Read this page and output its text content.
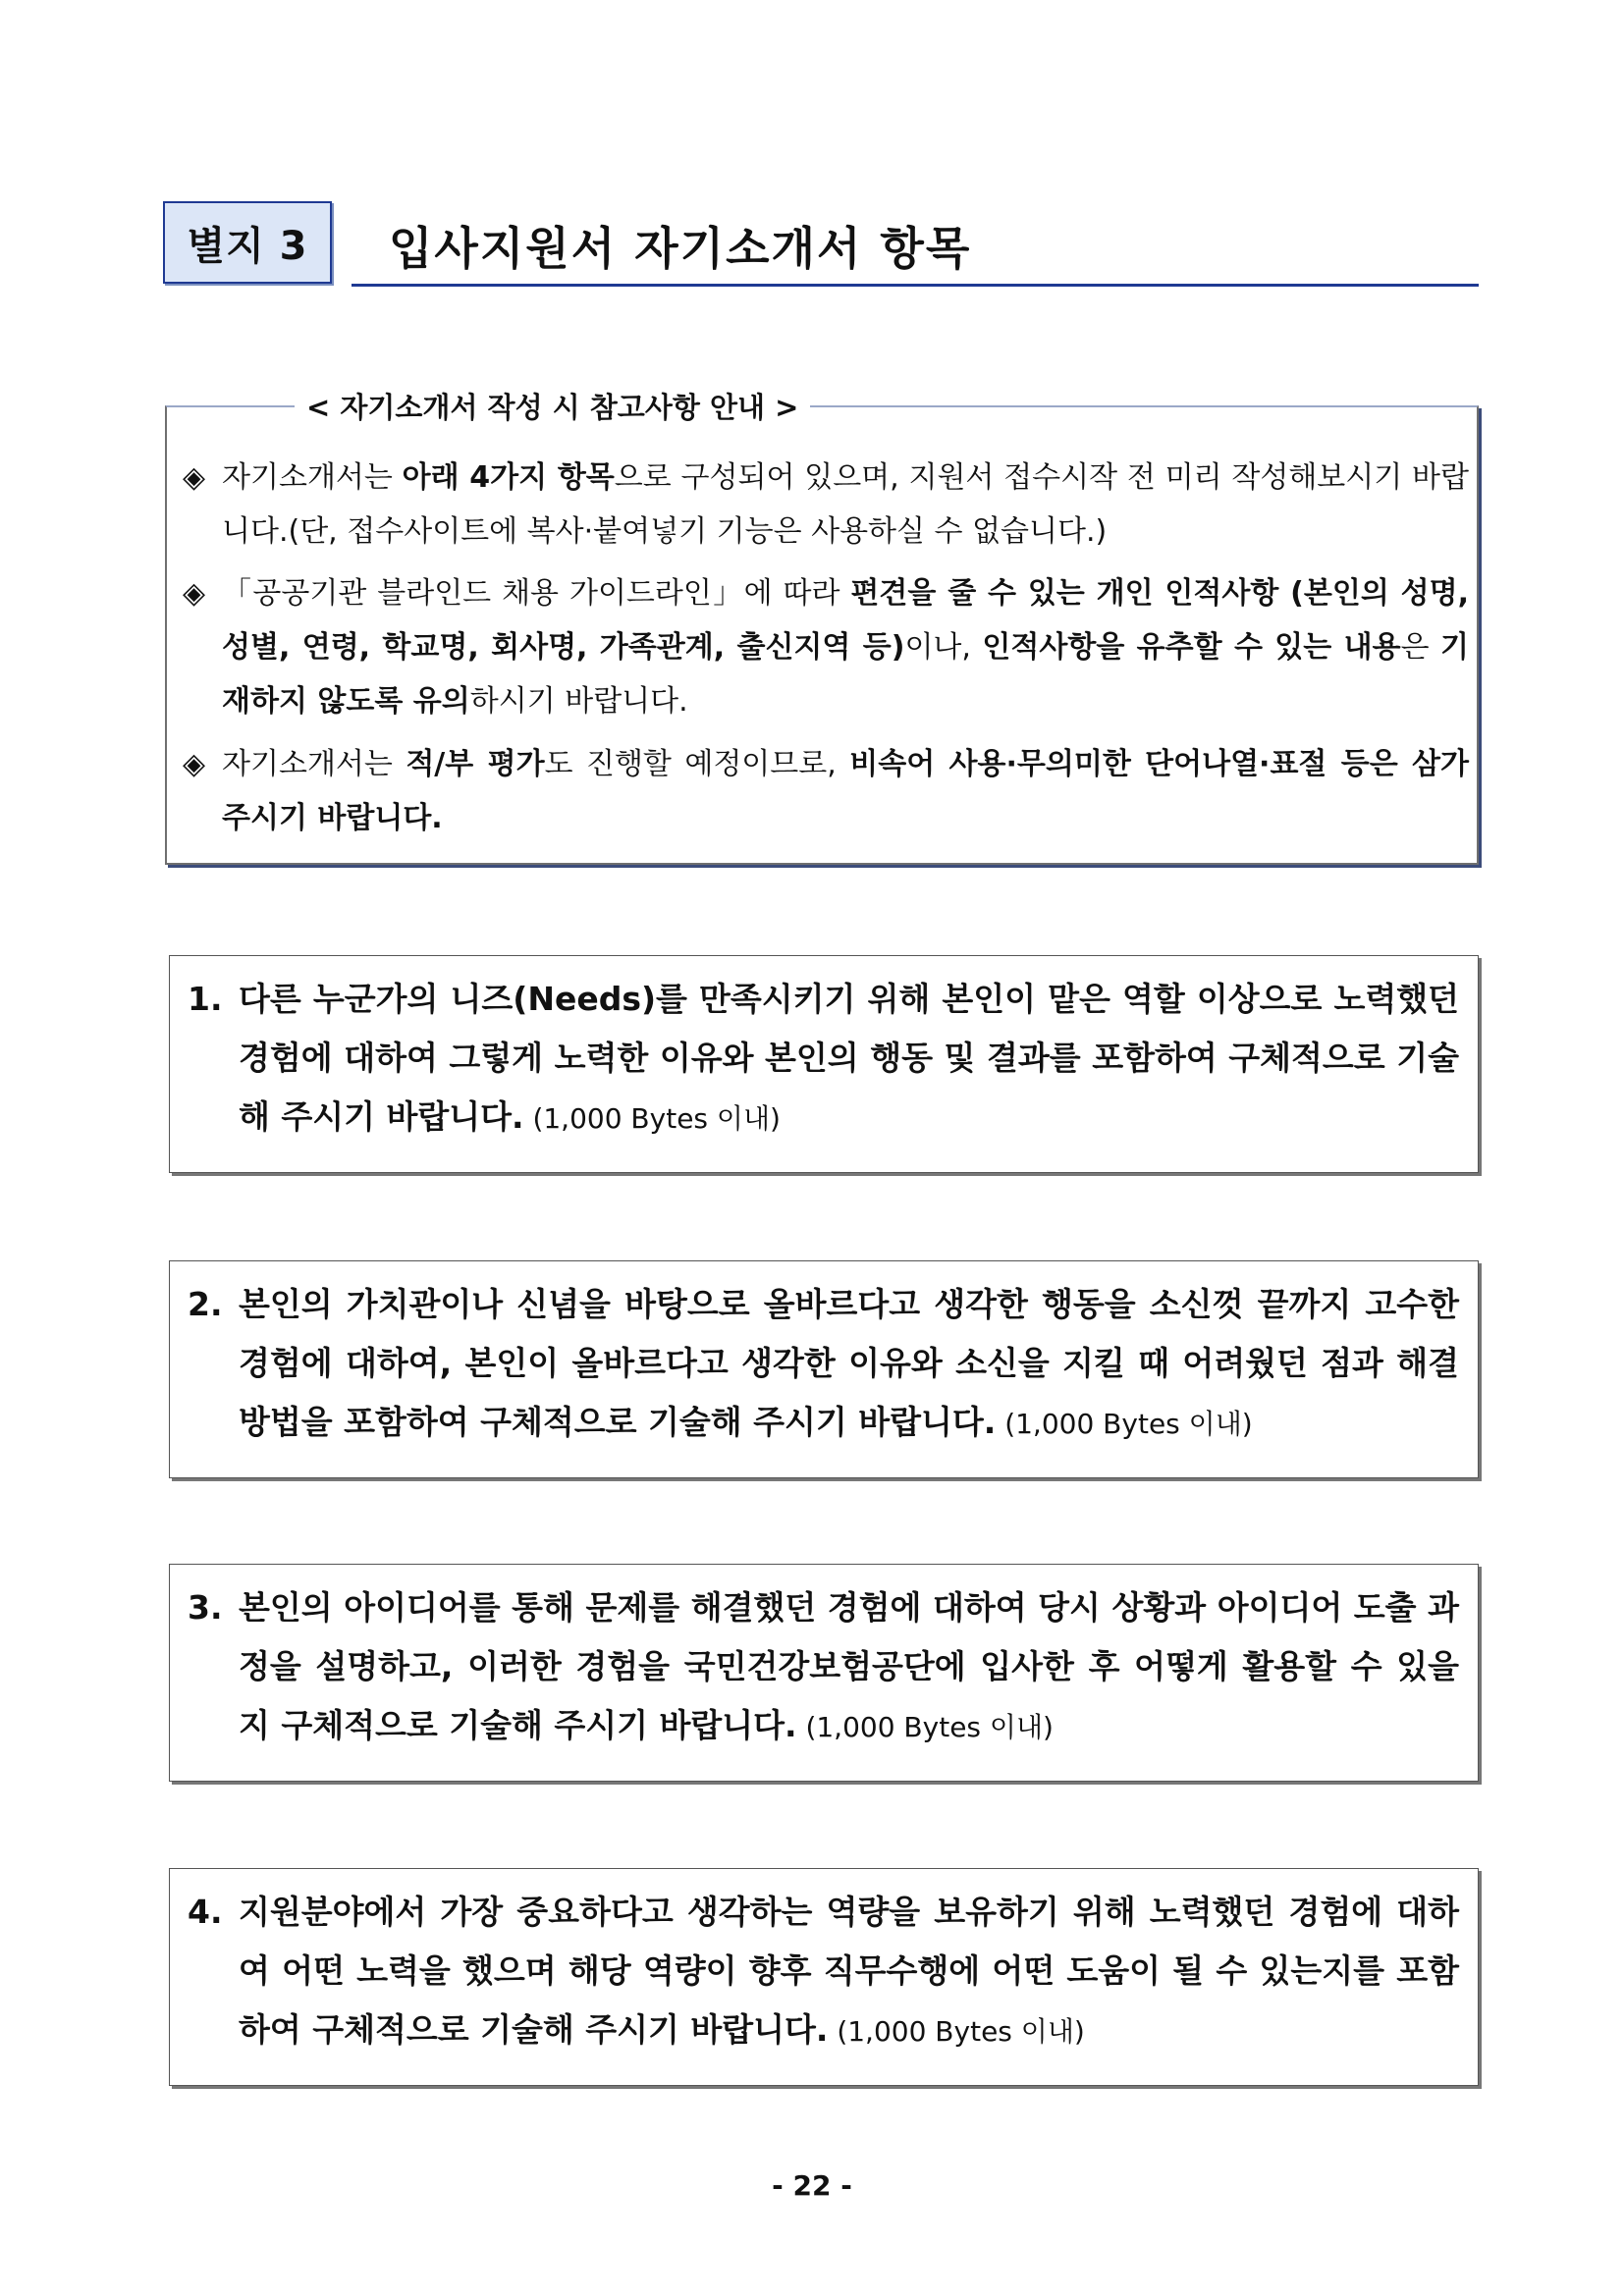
별지 3	입사지원서 자기소개서 항목
< 자기소개서 작성 시 참고사항 안내 >
◈ 자기소개서는 아래 4가지 항목으로 구성되어 있으며, 지원서 접수시작 전 미리 작성해보시기 바랍니다.(단, 접수사이트에 복사·붙여넣기 기능은 사용하실 수 없습니다.)
◈ 「공공기관 블라인드 채용 가이드라인」에 따라 편견을 줄 수 있는 개인 인적사항 (본인의 성명, 성별, 연령, 학교명, 회사명, 가족관계, 출신지역 등)이나, 인적사항을 유추할 수 있는 내용은 기재하지 않도록 유의하시기 바랍니다.
◈ 자기소개서는 적/부 평가도 진행할 예정이므로, 비속어 사용·무의미한 단어나열·표절 등은 삼가 주시기 바랍니다.
1. 다른 누군가의 니즈(Needs)를 만족시키기 위해 본인이 맡은 역할 이상으로 노력했던 경험에 대하여 그렇게 노력한 이유와 본인의 행동 및 결과를 포함하여 구체적으로 기술해 주시기 바랍니다. (1,000 Bytes 이내)
2. 본인의 가치관이나 신념을 바탕으로 올바르다고 생각한 행동을 소신껏 끝까지 고수한 경험에 대하여, 본인이 올바르다고 생각한 이유와 소신을 지킬 때 어려웠던 점과 해결 방법을 포함하여 구체적으로 기술해 주시기 바랍니다. (1,000 Bytes 이내)
3. 본인의 아이디어를 통해 문제를 해결했던 경험에 대하여 당시 상황과 아이디어 도출 과정을 설명하고, 이러한 경험을 국민건강보험공단에 입사한 후 어떻게 활용할 수 있을지 구체적으로 기술해 주시기 바랍니다. (1,000 Bytes 이내)
4. 지원분야에서 가장 중요하다고 생각하는 역량을 보유하기 위해 노력했던 경험에 대하여 어떤 노력을 했으며 해당 역량이 향후 직무수행에 어떤 도움이 될 수 있는지를 포함하여 구체적으로 기술해 주시기 바랍니다. (1,000 Bytes 이내)
- 22 -
